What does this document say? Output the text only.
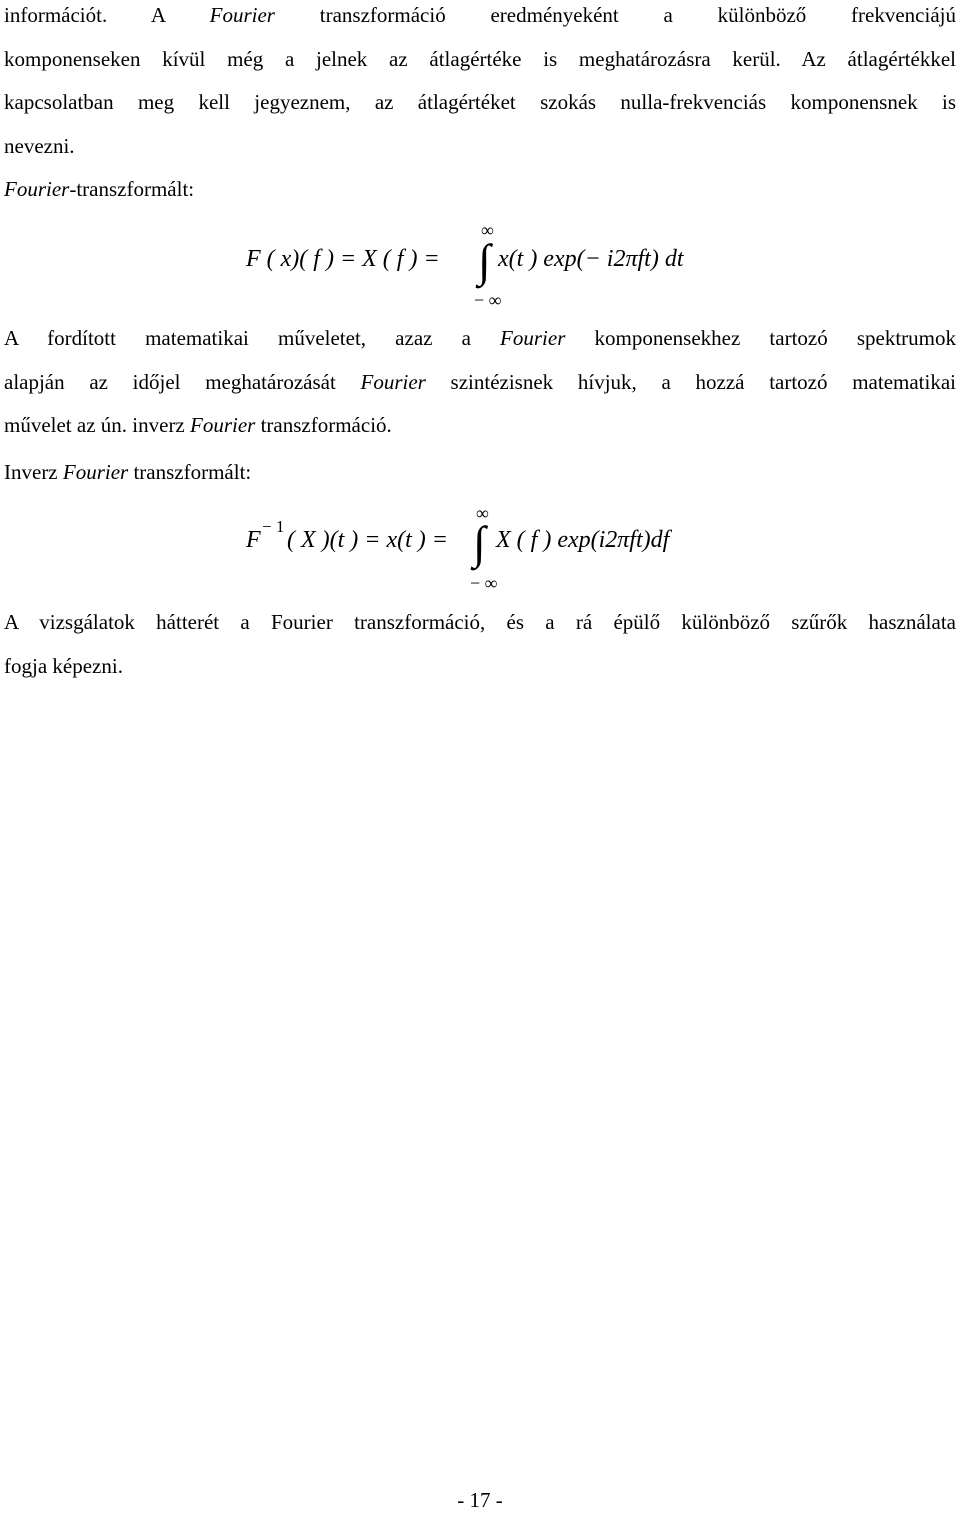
információt. A Fourier transzformáció eredményeként a különböző frekvenciájú
komponenseken kívül még a jelnek az átlagértéke is meghatározásra kerül. Az átlagértékkel
kapcsolatban meg kell jegyeznem, az átlagértéket szokás nulla-frekvenciás komponensnek is
nevezni.
Fourier-transzformált:
F ( x)( f ) = X ( f ) =
∞
∫
− ∞
x(t ) exp(− i2πft) dt
A fordított matematikai műveletet, azaz a Fourier komponensekhez tartozó spektrumok
alapján az időjel meghatározását Fourier szintézisnek hívjuk, a hozzá tartozó matematikai
művelet az ún. inverz Fourier transzformáció.
Inverz Fourier transzformált:
F
− 1
( X )(t ) = x(t ) =
∞
∫
− ∞
X ( f ) exp(i2πft)df
A vizsgálatok hátterét a Fourier transzformáció, és a rá épülő különböző szűrők használata
fogja képezni.
- 17 -
